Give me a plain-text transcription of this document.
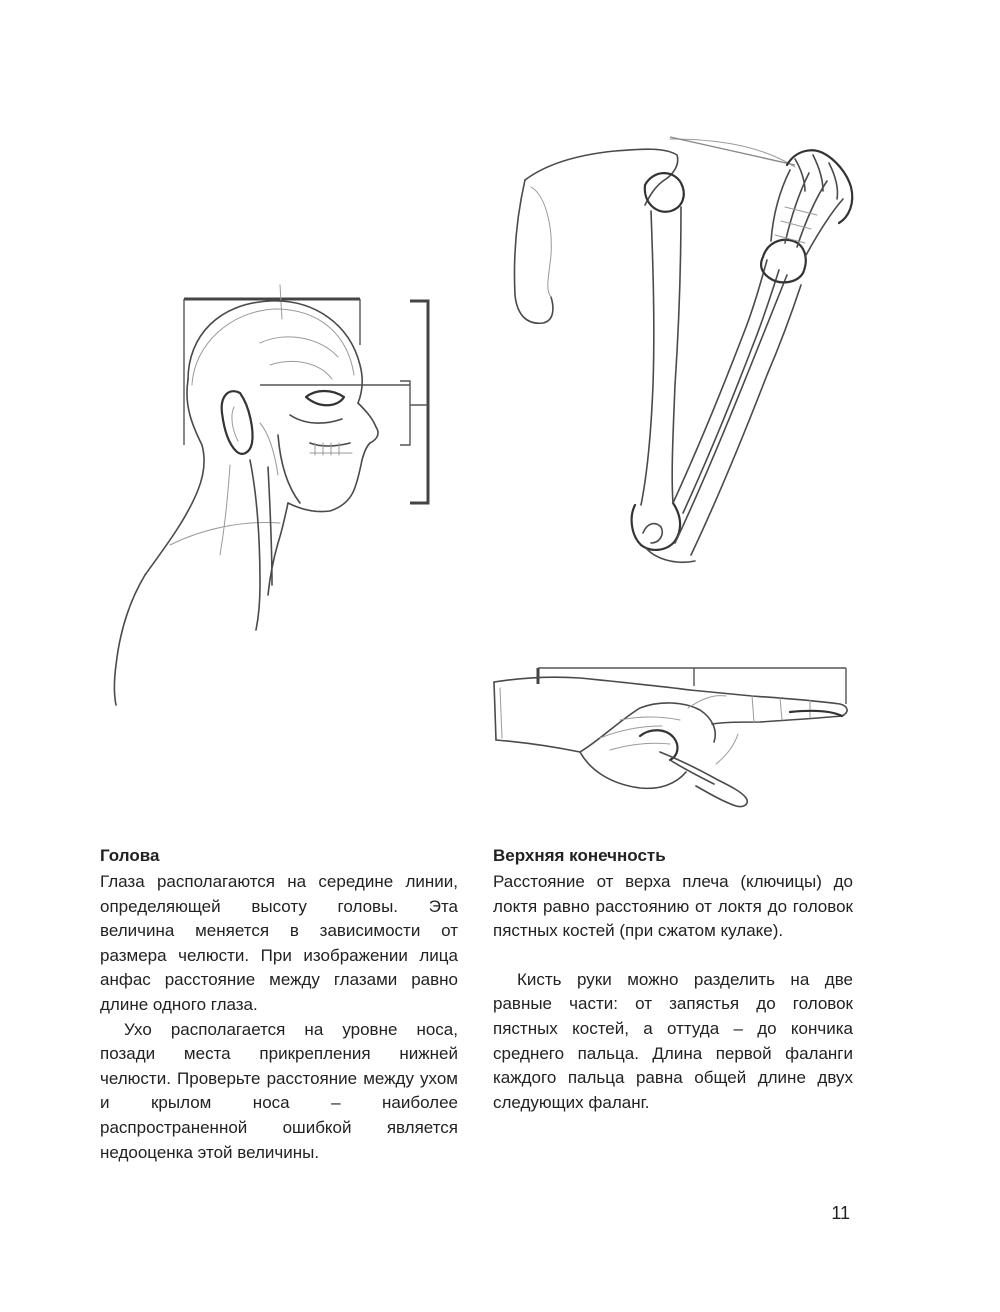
Голова

Глаза располагаются на середине линии, определяющей высоту головы. Эта величина меняется в зависимости от размера челюсти. При изображении лица анфас расстояние между глазами равно длине одного глаза.

Ухо располагается на уровне носа, позади места прикрепления нижней челюсти. Проверьте расстояние между ухом и крылом носа – наиболее распространенной ошибкой является недооценка этой величины.

Верхняя конечность

Расстояние от верха плеча (ключицы) до локтя равно расстоянию от локтя до головок пястных костей (при сжатом кулаке).

Кисть руки можно разделить на две равные части: от запястья до головок пястных костей, а оттуда – до кончика среднего пальца. Длина первой фаланги каждого пальца равна общей длине двух следующих фаланг.

11
